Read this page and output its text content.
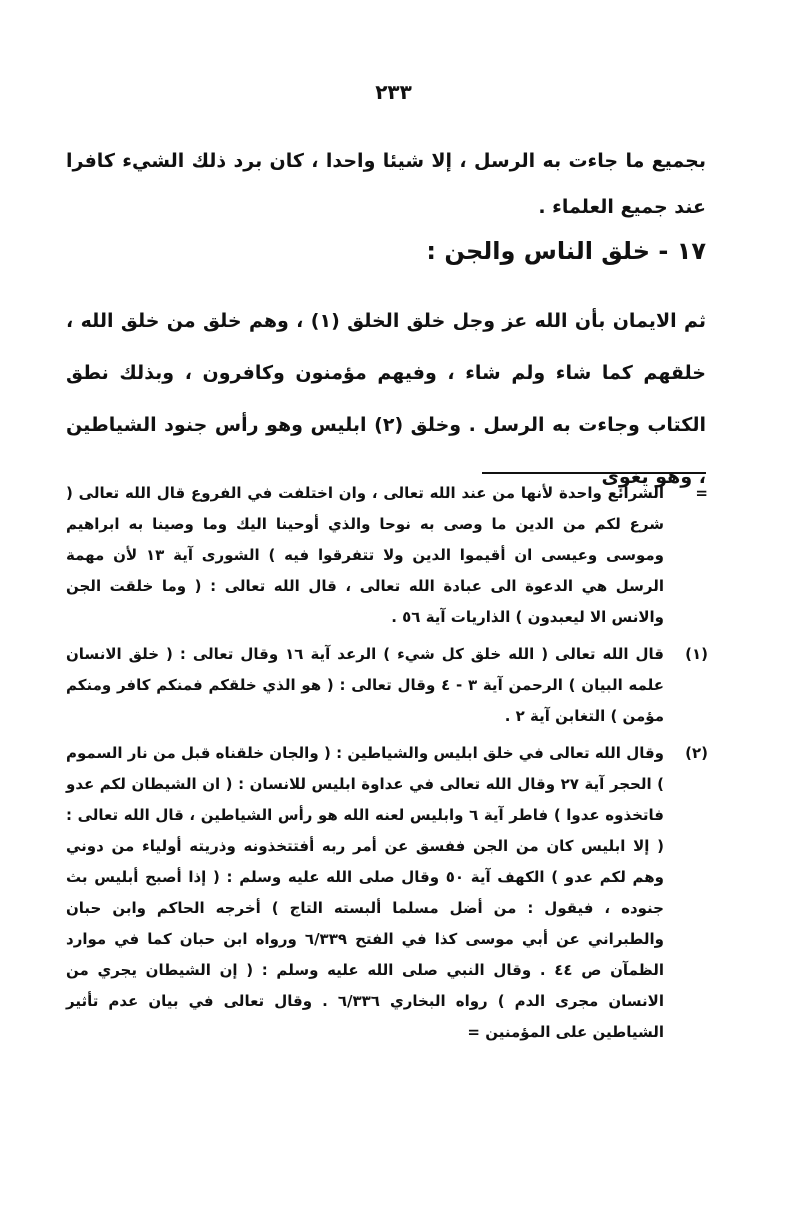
٢٣٣

بجميع ما جاءت به الرسل ، إلا شيئا واحدا ، كان برد ذلك الشيء كافرا عند جميع العلماء .

١٧ - خلق الناس والجن :

ثم الايمان بأن الله عز وجل خلق الخلق (١) ، وهم خلق من خلق الله ، خلقهم كما شاء ولم شاء ، وفيهم مؤمنون وكافرون ، وبذلك نطق الكتاب وجاءت به الرسل . وخلق (٢) ابليس وهو رأس جنود الشياطين ، وهو يغوى

=
الشرائع واحدة لأنها من عند الله تعالى ، وان اختلفت في الفروع قال الله تعالى ( شرع لكم من الدين ما وصى به نوحا والذي أوحينا اليك وما وصينا به ابراهيم وموسى وعيسى ان أقيموا الدين ولا تتفرقوا فيه ) الشورى آية ١٣ لأن مهمة الرسل هي الدعوة الى عبادة الله تعالى ، قال الله تعالى : ( وما خلقت الجن والانس الا ليعبدون ) الذاريات آية ٥٦ .
(١)
قال الله تعالى ( الله خلق كل شيء ) الرعد آية ١٦ وقال تعالى : ( خلق الانسان علمه البيان ) الرحمن آية ٣ - ٤ وقال تعالى : ( هو الذي خلقكم فمنكم كافر ومنكم مؤمن ) التغابن آية ٢ .
(٢)
وقال الله تعالى في خلق ابليس والشياطين : ( والجان خلقناه قبل من نار السموم ) الحجر آية ٢٧ وقال الله تعالى في عداوة ابليس للانسان : ( ان الشيطان لكم عدو فاتخذوه عدوا ) فاطر آية ٦ وابليس لعنه الله هو رأس الشياطين ، قال الله تعالى : ( إلا ابليس كان من الجن ففسق عن أمر ربه أفتتخذونه وذريته أولياء من دوني وهم لكم عدو ) الكهف آية ٥٠ وقال صلى الله عليه وسلم : ( إذا أصبح أبليس بث جنوده ، فيقول : من أضل مسلما ألبسته التاج ) أخرجه الحاكم وابن حبان والطبراني عن أبي موسى كذا في الفتح ٦/٣٣٩ ورواه ابن حبان كما في موارد الظمآن ص ٤٤ . وقال النبي صلى الله عليه وسلم : ( إن الشيطان يجري من الانسان مجرى الدم ) رواه البخاري ٦/٣٣٦ . وقال تعالى في بيان عدم تأثير الشياطين على المؤمنين =
